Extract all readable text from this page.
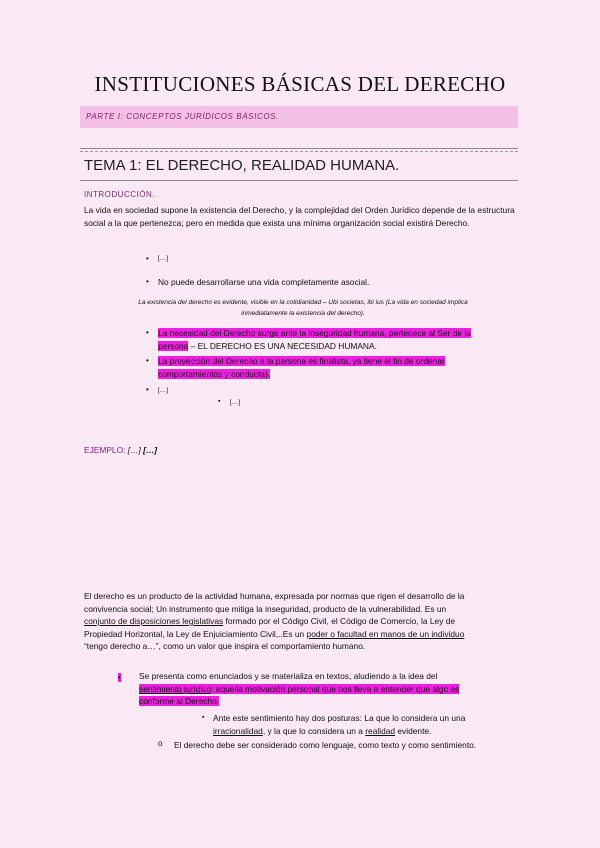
INSTITUCIONES BÁSICAS DEL DERECHO
PARTE I: CONCEPTOS JURÍDICOS BÁSICOS.
TEMA 1: EL DERECHO, REALIDAD HUMANA.
INTRODUCCIÓN.
La vida en sociedad supone la existencia del Derecho, y la complejidad del Orden Jurídico depende de la estructura social a la que pertenezca; pero en medida que exista una mínima organización social existirá Derecho.
• […]
• No puede desarrollarse una vida completamente asocial.
La existencia del derecho es evidente, visible en la cotidianidad – Ubi societas, ibi ius (La vida en sociedad implica
inmediatamente la existencia del derecho).
• La necesidad del Derecho surge ante la inseguridad humana, pertenece al Ser de la
persona – EL DERECHO ES UNA NECESIDAD HUMANA.
• La proyección del Derecho a la persona es finalista, ya tiene el fin de ordenar
comportamientos y conducta).
• […]
▪ […]
EJEMPLO: […] […]
El derecho es un producto de la actividad humana, expresada por normas que rigen el desarrollo de la
convivencia social; Un instrumento que mitiga la inseguridad, producto de la vulnerabilidad. Es un
conjunto de disposiciones legislativas formado por el Código Civil, el Código de Comercio, la Ley de
Propiedad Horizontal, la Ley de Enjuiciamiento Civil,..Es un poder o facultad en manos de un individuo
“tengo derecho a…”, como un valor que inspira el comportamiento humano.
• Se presenta como enunciados y se materializa en textos, aludiendo a la idea del
sentimiento jurídico: aquella motivación personal que nos lleva a entender que algo es
conforme al Derecho.
▪ Ante este sentimiento hay dos posturas: La que lo considera un una
irracionalidad, y la que lo considera un a realidad evidente.
o El derecho debe ser considerado como lenguaje, como texto y como sentimiento.
